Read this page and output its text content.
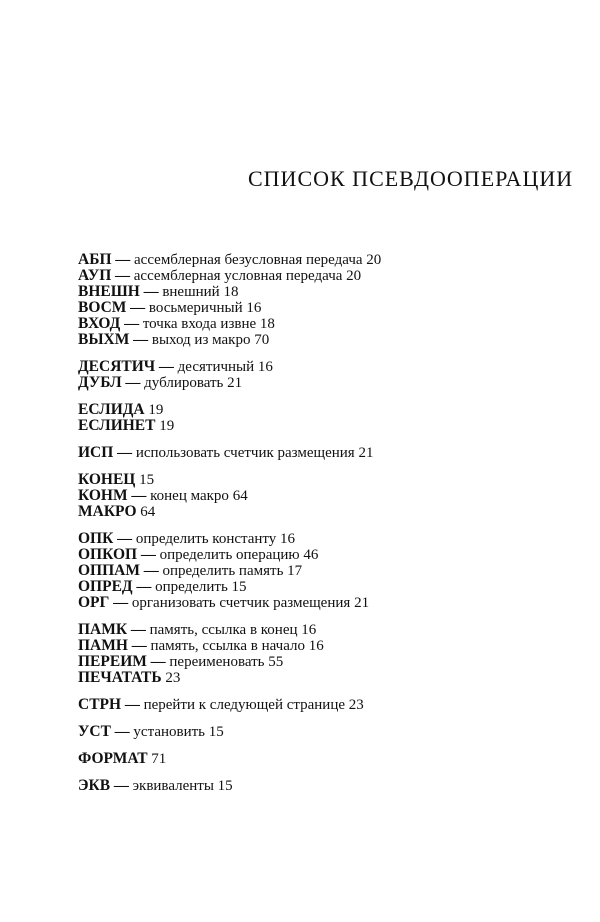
СПИСОК ПСЕВДООПЕРАЦИИ
АБП — ассемблерная безусловная передача 20
АУП — ассемблерная условная передача 20
ВНЕШН — внешний 18
ВОСМ — восьмеричный 16
ВХОД — точка входа извне 18
ВЫХМ — выход из макро 70
ДЕСЯТИЧ — десятичный 16
ДУБЛ — дублировать 21
ЕСЛИДА 19
ЕСЛИНЕТ 19
ИСП — использовать счетчик размещения 21
КОНЕЦ 15
КОНМ — конец макро 64
МАКРО 64
ОПК — определить константу 16
ОПКОП — определить операцию 46
ОППАМ — определить память 17
ОПРЕД — определить 15
ОРГ — организовать счетчик размещения 21
ПАМК — память, ссылка в конец 16
ПАМН — память, ссылка в начало 16
ПЕРЕИМ — переименовать 55
ПЕЧАТАТЬ 23
СТРН — перейти к следующей странице 23
УСТ — установить 15
ФОРМАТ 71
ЭКВ — эквиваленты 15
